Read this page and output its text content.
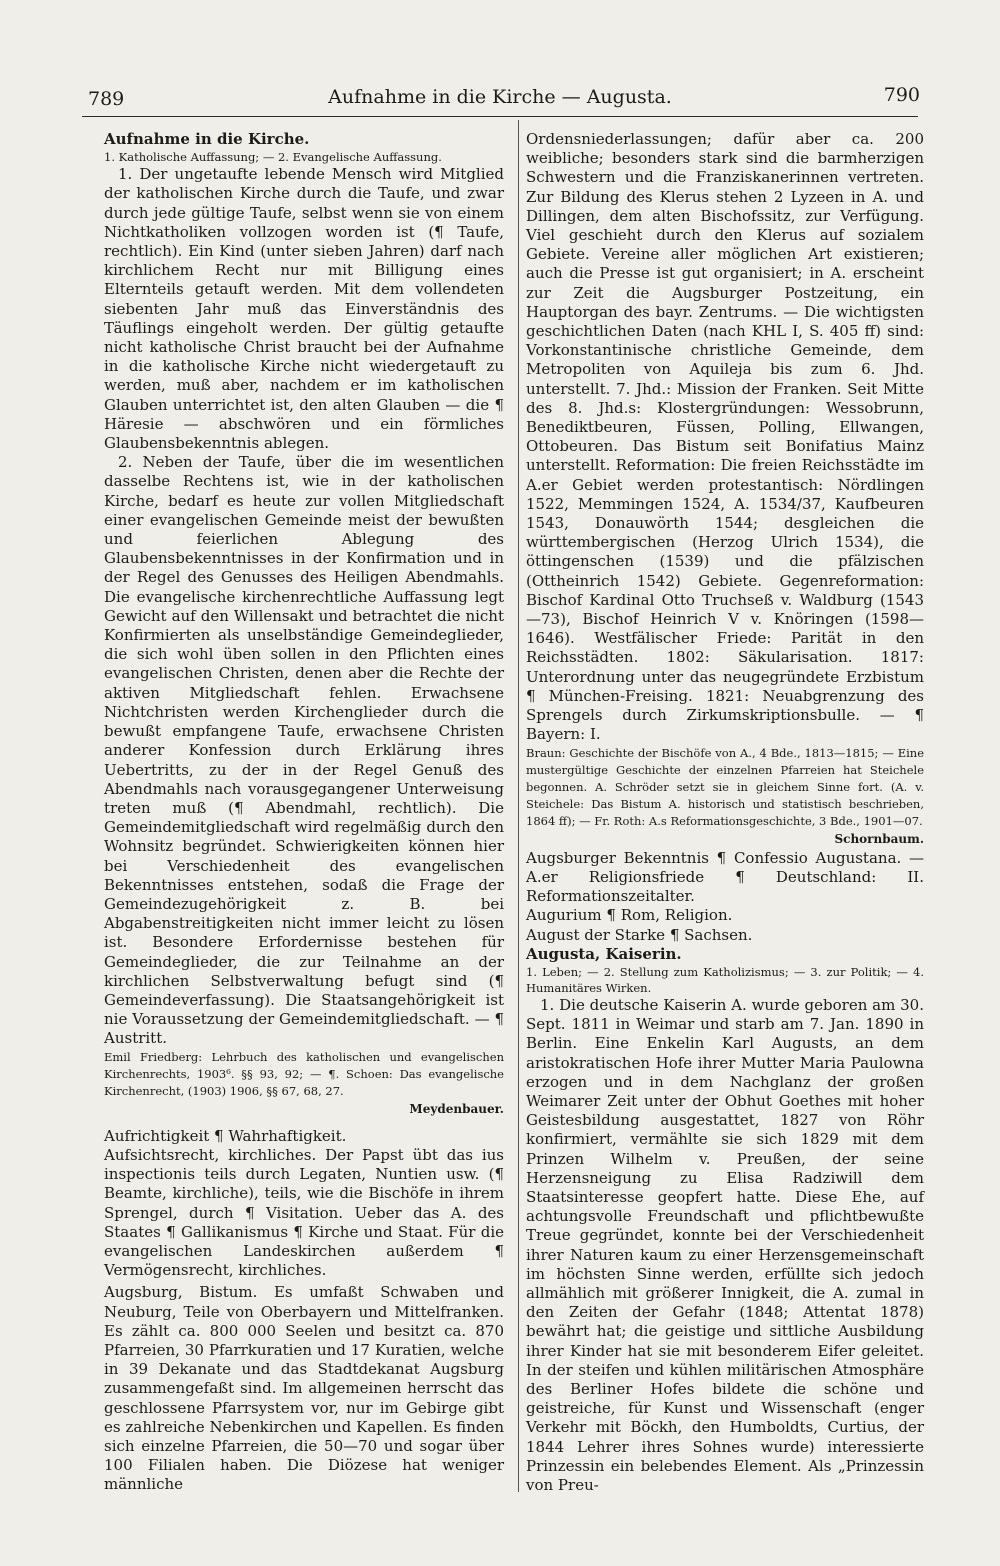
789	Aufnahme in die Kirche — Augusta.	790

Aufnahme in die Kirche.

1. Katholische Auffassung; — 2. Evangelische Auffassung.

1. Der ungetaufte lebende Mensch wird Mitglied der katholischen Kirche durch die Taufe, und zwar durch jede gültige Taufe, selbst wenn sie von einem Nichtkatholiken vollzogen worden ist (¶ Taufe, rechtlich). Ein Kind (unter sieben Jahren) darf nach kirchlichem Recht nur mit Billigung eines Elternteils getauft werden. Mit dem vollendeten siebenten Jahr muß das Einverständnis des Täuflings eingeholt werden. Der gültig getaufte nicht katholische Christ braucht bei der Aufnahme in die katholische Kirche nicht wiedergetauft zu werden, muß aber, nachdem er im katholischen Glauben unterrichtet ist, den alten Glauben — die ¶ Häresie — abschwören und ein förmliches Glaubensbekenntnis ablegen.

2. Neben der Taufe, über die im wesentlichen dasselbe Rechtens ist, wie in der katholischen Kirche, bedarf es heute zur vollen Mitgliedschaft einer evangelischen Gemeinde meist der bewußten und feierlichen Ablegung des Glaubensbekenntnisses in der Konfirmation und in der Regel des Genusses des Heiligen Abendmahls. Die evangelische kirchenrechtliche Auffassung legt Gewicht auf den Willensakt und betrachtet die nicht Konfirmierten als unselbständige Gemeindeglieder, die sich wohl üben sollen in den Pflichten eines evangelischen Christen, denen aber die Rechte der aktiven Mitgliedschaft fehlen. Erwachsene Nichtchristen werden Kirchenglieder durch die bewußt empfangene Taufe, erwachsene Christen anderer Konfession durch Erklärung ihres Uebertritts, zu der in der Regel Genuß des Abendmahls nach vorausgegangener Unterweisung treten muß (¶ Abendmahl, rechtlich). Die Gemeindemitgliedschaft wird regelmäßig durch den Wohnsitz begründet. Schwierigkeiten können hier bei Verschiedenheit des evangelischen Bekenntnisses entstehen, sodaß die Frage der Gemeindezugehörigkeit z. B. bei Abgabenstreitigkeiten nicht immer leicht zu lösen ist. Besondere Erfordernisse bestehen für Gemeindeglieder, die zur Teilnahme an der kirchlichen Selbstverwaltung befugt sind (¶ Gemeindeverfassung). Die Staatsangehörigkeit ist nie Voraussetzung der Gemeindemitgliedschaft. — ¶ Austritt.

Emil Friedberg: Lehrbuch des katholischen und evangelischen Kirchenrechts, 1903⁶. §§ 93, 92; — ¶. Schoen: Das evangelische Kirchenrecht, (1903) 1906, §§ 67, 68, 27.

Meydenbauer.

Aufrichtigkeit ¶ Wahrhaftigkeit.

Aufsichtsrecht, kirchliches. Der Papst übt das ius inspectionis teils durch Legaten, Nuntien usw. (¶ Beamte, kirchliche), teils, wie die Bischöfe in ihrem Sprengel, durch ¶ Visitation. Ueber das A. des Staates ¶ Gallikanismus ¶ Kirche und Staat. Für die evangelischen Landeskirchen außerdem ¶ Vermögensrecht, kirchliches.

Augsburg, Bistum. Es umfaßt Schwaben und Neuburg, Teile von Oberbayern und Mittelfranken. Es zählt ca. 800 000 Seelen und besitzt ca. 870 Pfarreien, 30 Pfarrkuratien und 17 Kuratien, welche in 39 Dekanate und das Stadtdekanat Augsburg zusammengefaßt sind. Im allgemeinen herrscht das geschlossene Pfarrsystem vor, nur im Gebirge gibt es zahlreiche Nebenkirchen und Kapellen. Es finden sich einzelne Pfarreien, die 50—70 und sogar über 100 Filialen haben. Die Diözese hat weniger männliche

Ordensniederlassungen; dafür aber ca. 200 weibliche; besonders stark sind die barmherzigen Schwestern und die Franziskanerinnen vertreten. Zur Bildung des Klerus stehen 2 Lyzeen in A. und Dillingen, dem alten Bischofssitz, zur Verfügung. Viel geschieht durch den Klerus auf sozialem Gebiete. Vereine aller möglichen Art existieren; auch die Presse ist gut organisiert; in A. erscheint zur Zeit die Augsburger Postzeitung, ein Hauptorgan des bayr. Zentrums. — Die wichtigsten geschichtlichen Daten (nach KHL I, S. 405 ff) sind: Vorkonstantinische christliche Gemeinde, dem Metropoliten von Aquileja bis zum 6. Jhd. unterstellt. 7. Jhd.: Mission der Franken. Seit Mitte des 8. Jhd.s: Klostergründungen: Wessobrunn, Benediktbeuren, Füssen, Polling, Ellwangen, Ottobeuren. Das Bistum seit Bonifatius Mainz unterstellt. Reformation: Die freien Reichsstädte im A.er Gebiet werden protestantisch: Nördlingen 1522, Memmingen 1524, A. 1534/37, Kaufbeuren 1543, Donauwörth 1544; desgleichen die württembergischen (Herzog Ulrich 1534), die öttingenschen (1539) und die pfälzischen (Ottheinrich 1542) Gebiete. Gegenreformation: Bischof Kardinal Otto Truchseß v. Waldburg (1543—73), Bischof Heinrich V v. Knöringen (1598—1646). Westfälischer Friede: Parität in den Reichsstädten. 1802: Säkularisation. 1817: Unterordnung unter das neugegründete Erzbistum ¶ München-Freising. 1821: Neuabgrenzung des Sprengels durch Zirkumskriptionsbulle. — ¶ Bayern: I.

Braun: Geschichte der Bischöfe von A., 4 Bde., 1813—1815; — Eine mustergültige Geschichte der einzelnen Pfarreien hat Steichele begonnen. A. Schröder setzt sie in gleichem Sinne fort. (A. v. Steichele: Das Bistum A. historisch und statistisch beschrieben, 1864 ff); — Fr. Roth: A.s Reformationsgeschichte, 3 Bde., 1901—07.

Schornbaum.

Augsburger Bekenntnis ¶ Confessio Augustana. — A.er Religionsfriede ¶ Deutschland: II. Reformationszeitalter.

Augurium ¶ Rom, Religion.

August der Starke ¶ Sachsen.

Augusta, Kaiserin.

1. Leben; — 2. Stellung zum Katholizismus; — 3. zur Politik; — 4. Humanitäres Wirken.

1. Die deutsche Kaiserin A. wurde geboren am 30. Sept. 1811 in Weimar und starb am 7. Jan. 1890 in Berlin. Eine Enkelin Karl Augusts, an dem aristokratischen Hofe ihrer Mutter Maria Paulowna erzogen und in dem Nachglanz der großen Weimarer Zeit unter der Obhut Goethes mit hoher Geistesbildung ausgestattet, 1827 von Röhr konfirmiert, vermählte sie sich 1829 mit dem Prinzen Wilhelm v. Preußen, der seine Herzensneigung zu Elisa Radziwill dem Staatsinteresse geopfert hatte. Diese Ehe, auf achtungsvolle Freundschaft und pflichtbewußte Treue gegründet, konnte bei der Verschiedenheit ihrer Naturen kaum zu einer Herzensgemeinschaft im höchsten Sinne werden, erfüllte sich jedoch allmählich mit größerer Innigkeit, die A. zumal in den Zeiten der Gefahr (1848; Attentat 1878) bewährt hat; die geistige und sittliche Ausbildung ihrer Kinder hat sie mit besonderem Eifer geleitet. In der steifen und kühlen militärischen Atmosphäre des Berliner Hofes bildete die schöne und geistreiche, für Kunst und Wissenschaft (enger Verkehr mit Böckh, den Humboldts, Curtius, der 1844 Lehrer ihres Sohnes wurde) interessierte Prinzessin ein belebendes Element. Als „Prinzessin von Preu-
